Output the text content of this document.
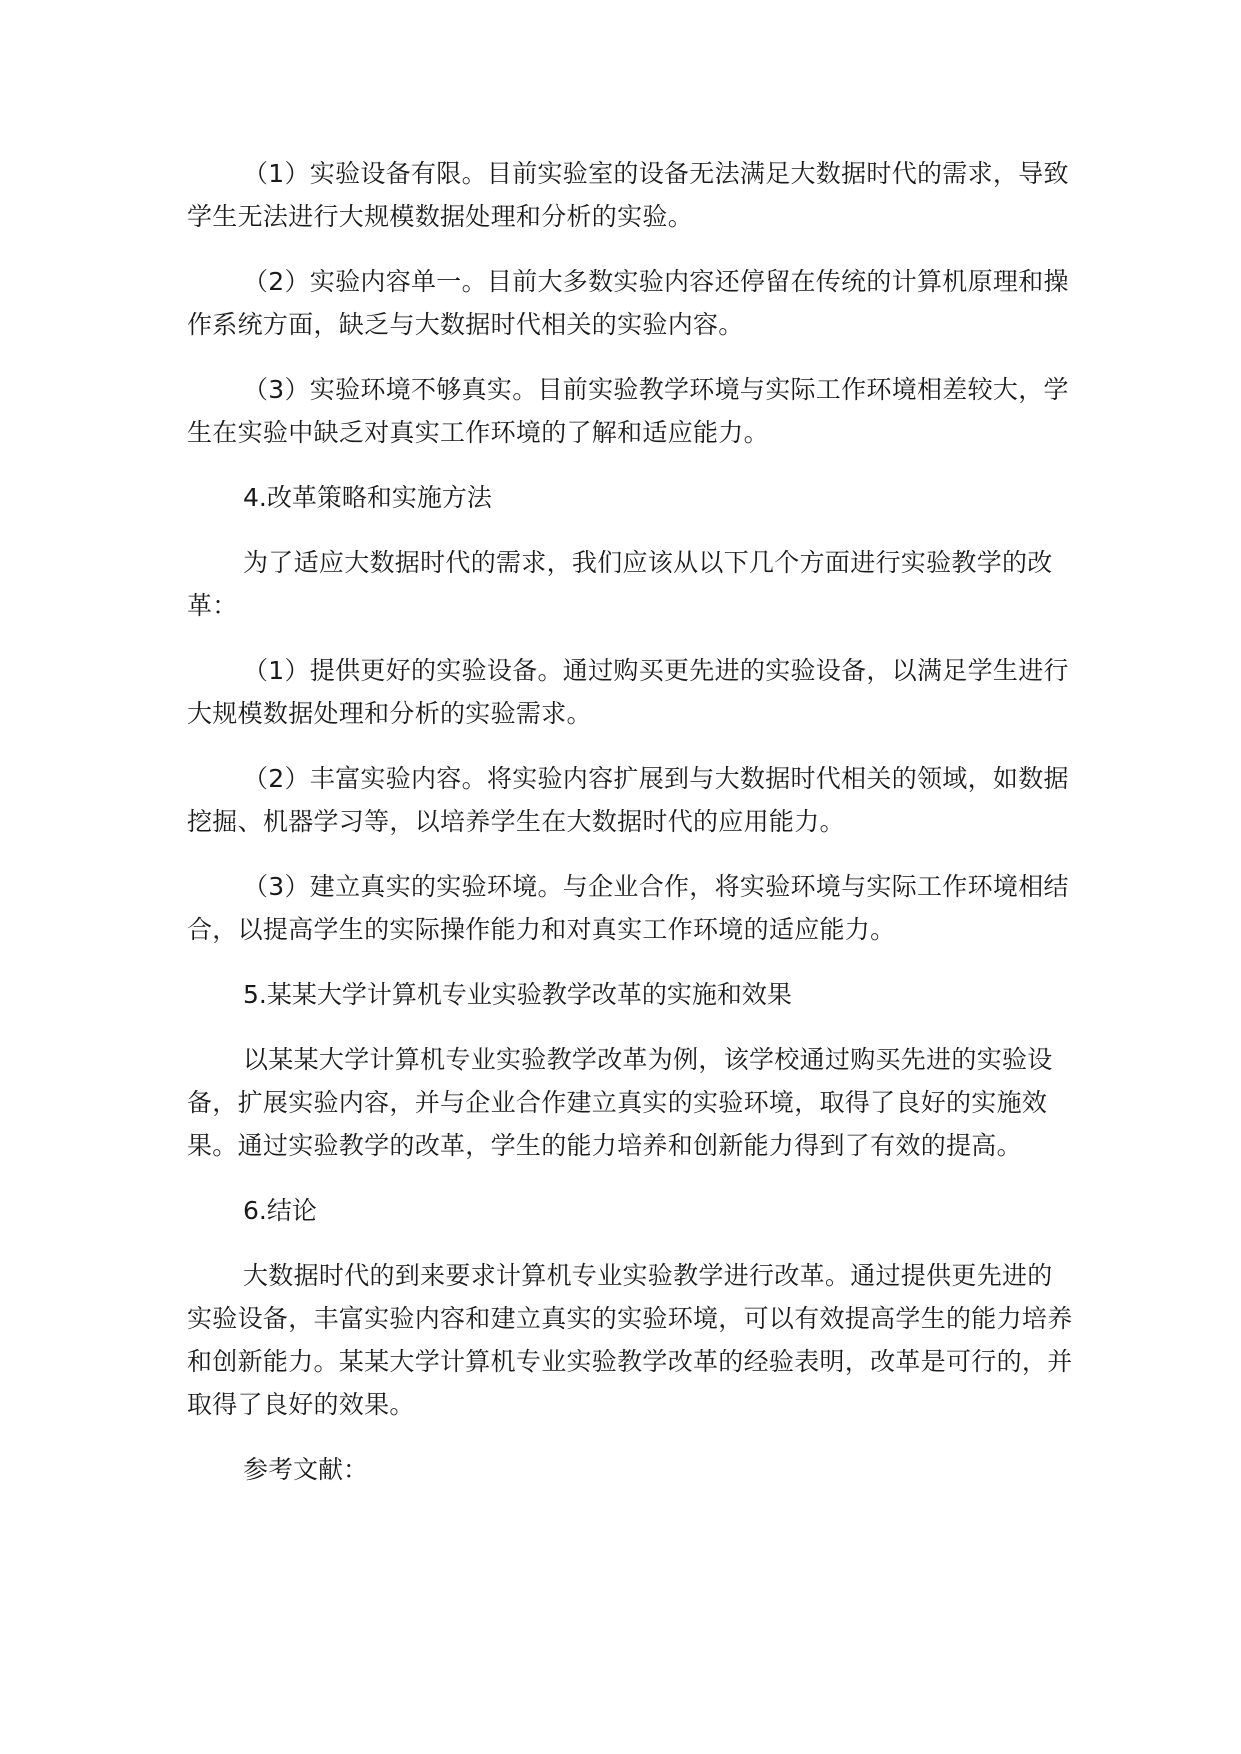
（1）实验设备有限。目前实验室的设备无法满足大数据时代的需求，导致学生无法进行大规模数据处理和分析的实验。

（2）实验内容单一。目前大多数实验内容还停留在传统的计算机原理和操作系统方面，缺乏与大数据时代相关的实验内容。

（3）实验环境不够真实。目前实验教学环境与实际工作环境相差较大，学生在实验中缺乏对真实工作环境的了解和适应能力。

4.改革策略和实施方法

为了适应大数据时代的需求，我们应该从以下几个方面进行实验教学的改革：

（1）提供更好的实验设备。通过购买更先进的实验设备，以满足学生进行大规模数据处理和分析的实验需求。

（2）丰富实验内容。将实验内容扩展到与大数据时代相关的领域，如数据挖掘、机器学习等，以培养学生在大数据时代的应用能力。

（3）建立真实的实验环境。与企业合作，将实验环境与实际工作环境相结合，以提高学生的实际操作能力和对真实工作环境的适应能力。

5.某某大学计算机专业实验教学改革的实施和效果

以某某大学计算机专业实验教学改革为例，该学校通过购买先进的实验设备，扩展实验内容，并与企业合作建立真实的实验环境，取得了良好的实施效果。通过实验教学的改革，学生的能力培养和创新能力得到了有效的提高。

6.结论

大数据时代的到来要求计算机专业实验教学进行改革。通过提供更先进的实验设备，丰富实验内容和建立真实的实验环境，可以有效提高学生的能力培养和创新能力。某某大学计算机专业实验教学改革的经验表明，改革是可行的，并取得了良好的效果。

参考文献：
